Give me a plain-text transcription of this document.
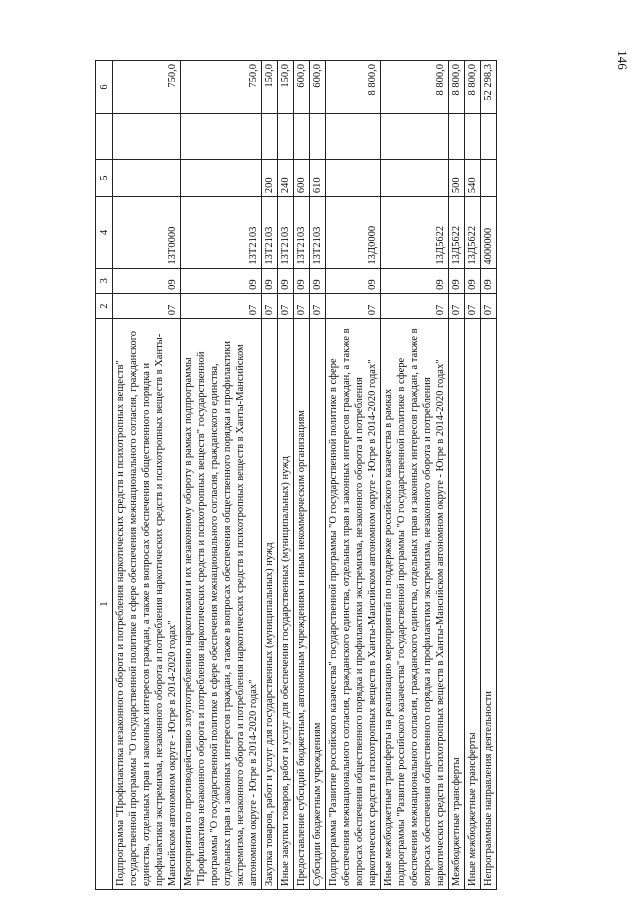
146
1	2	3	4	5		6
Подпрограмма "Профилактика незаконного оборота и потребления наркотических средств и психотропных веществ" государственной программы "О государственной политике в сфере обеспечения межнационального согласия, гражданского единства, отдельных прав и законных интересов граждан, а также в вопросах обеспечения общественного порядка и профилактики экстремизма, незаконного оборота и потребления наркотических средств и психотропных веществ в Ханты-Мансийском автономном округе - Югре в 2014-2020 годах"	07	09	13Т0000			750,0
Мероприятия по противодействию злоупотреблению наркотиками и их незаконному обороту в рамках подпрограммы "Профилактика незаконного оборота и потребления наркотических средств и психотропных веществ" государственной программы "О государственной политике в сфере обеспечения межнационального согласия, гражданского единства, отдельных прав и законных интересов граждан, а также в вопросах обеспечения общественного порядка и профилактики экстремизма, незаконного оборота и потребления наркотических средств и психотропных веществ в Ханты-Мансийском автономном округе - Югре в 2014-2020 годах"	07	09	13Т2103			750,0
Закупка товаров, работ и услуг для государственных (муниципальных) нужд	07	09	13Т2103	200		150,0
Иные закупки товаров, работ и услуг для обеспечения государственных (муниципальных) нужд	07	09	13Т2103	240		150,0
Предоставление субсидий бюджетным, автономным учреждениям и иным некоммерческим организациям	07	09	13Т2103	600		600,0
Субсидии бюджетным учреждениям	07	09	13Т2103	610		600,0
Подпрограмма "Развитие российского казачества" государственной программы "О государственной политике в сфере обеспечения межнационального согласия, гражданского единства, отдельных прав и законных интересов граждан, а также в вопросах обеспечения общественного порядка и профилактики экстремизма, незаконного оборота и потребления наркотических средств и психотропных веществ в Ханты-Мансийском автономном округе - Югре в 2014-2020 годах"	07	09	13Д0000			8 800,0
Иные межбюджетные трансферты на реализацию мероприятий по поддержке российского казачества в рамках подпрограммы "Развитие российского казачества" государственной программы "О государственной политике в сфере обеспечения межнационального согласия, гражданского единства, отдельных прав и законных интересов граждан, а также в вопросах обеспечения общественного порядка и профилактики экстремизма, незаконного оборота и потребления наркотических средств и психотропных веществ в Ханты-Мансийском автономном округе - Югре в 2014-2020 годах"	07	09	13Д5622			8 800,0
Межбюджетные трансферты	07	09	13Д5622	500		8 800,0
Иные межбюджетные трансферты	07	09	13Д5622	540		8 800,0
Непрограммные направления деятельности	07	09	4000000			52 298,3
